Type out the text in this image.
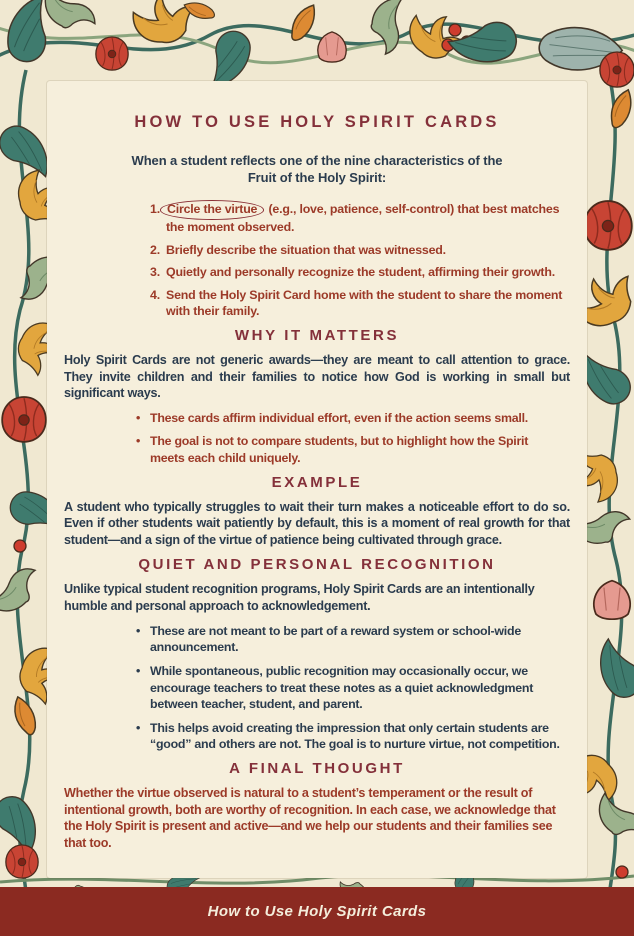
HOW TO USE HOLY SPIRIT CARDS

When a student reflects one of the nine characteristics of the
Fruit of the Holy Spirit:

1. Circle the virtue (e.g., love, patience, self-control) that best matches the moment observed.
2. Briefly describe the situation that was witnessed.
3. Quietly and personally recognize the student, affirming their growth.
4. Send the Holy Spirit Card home with the student to share the moment with their family.
WHY IT MATTERS

Holy Spirit Cards are not generic awards—they are meant to call attention to grace. They invite children and their families to notice how God is working in small but significant ways.

• These cards affirm individual effort, even if the action seems small.
• The goal is not to compare students, but to highlight how the Spirit meets each child uniquely.
EXAMPLE

A student who typically struggles to wait their turn makes a noticeable effort to do so. Even if other students wait patiently by default, this is a moment of real growth for that student—and a sign of the virtue of patience being cultivated through grace.

QUIET AND PERSONAL RECOGNITION

Unlike typical student recognition programs, Holy Spirit Cards are an intentionally humble and personal approach to acknowledgement.

• These are not meant to be part of a reward system or school-wide announcement.
• While spontaneous, public recognition may occasionally occur, we encourage teachers to treat these notes as a quiet acknowledgment between teacher, student, and parent.
• This helps avoid creating the impression that only certain students are “good” and others are not. The goal is to nurture virtue, not competition.
A FINAL THOUGHT

Whether the virtue observed is natural to a student’s temperament or the result of intentional growth, both are worthy of recognition. In each case, we acknowledge that the Holy Spirit is present and active—and we help our students and their families see that too.

How to Use Holy Spirit Cards
